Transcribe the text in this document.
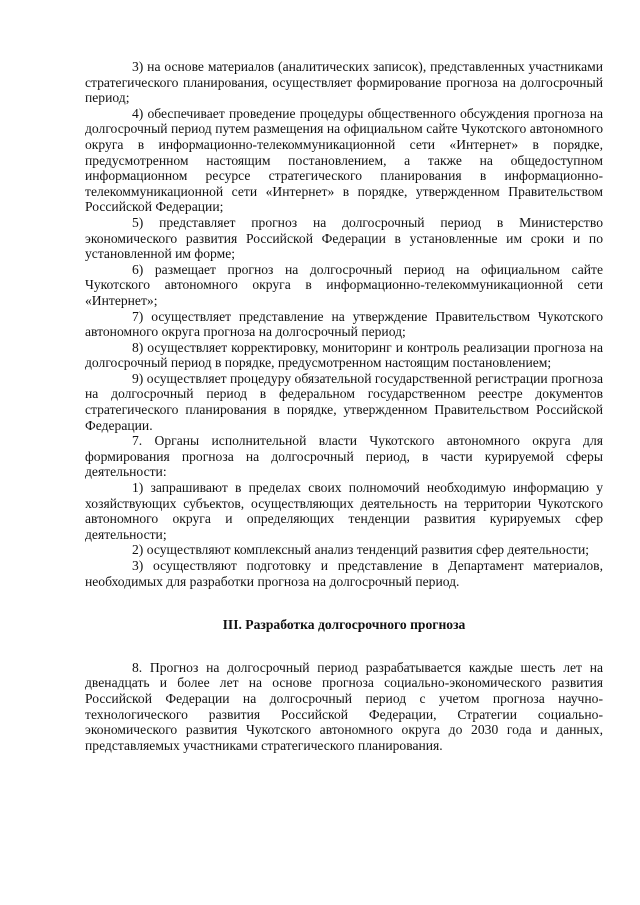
3) на основе материалов (аналитических записок), представленных участниками стратегического планирования, осуществляет формирование прогноза на долгосрочный период;

4) обеспечивает проведение процедуры общественного обсуждения прогноза на долгосрочный период путем размещения на официальном сайте Чукотского автономного округа в информационно-телекоммуникационной сети «Интернет» в порядке, предусмотренном настоящим постановлением, а также на общедоступном информационном ресурсе стратегического планирования в информационно-телекоммуникационной сети «Интернет» в порядке, утвержденном Правительством Российской Федерации;

5) представляет прогноз на долгосрочный период в Министерство экономического развития Российской Федерации в установленные им сроки и по установленной им форме;

6) размещает прогноз на долгосрочный период на официальном сайте Чукотского автономного округа в информационно-телекоммуникационной сети «Интернет»;

7) осуществляет представление на утверждение Правительством Чукотского автономного округа прогноза на долгосрочный период;

8) осуществляет корректировку, мониторинг и контроль реализации прогноза на долгосрочный период в порядке, предусмотренном настоящим постановлением;

9) осуществляет процедуру обязательной государственной регистрации прогноза на долгосрочный период в федеральном государственном реестре документов стратегического планирования в порядке, утвержденном Правительством Российской Федерации.

7. Органы исполнительной власти Чукотского автономного округа для формирования прогноза на долгосрочный период, в части курируемой сферы деятельности:

1) запрашивают в пределах своих полномочий необходимую информацию у хозяйствующих субъектов, осуществляющих деятельность на территории Чукотского автономного округа и определяющих тенденции развития курируемых сфер деятельности;

2) осуществляют комплексный анализ тенденций развития сфер деятельности;

3) осуществляют подготовку и представление в Департамент материалов, необходимых для разработки прогноза на долгосрочный период.

III. Разработка долгосрочного прогноза

8. Прогноз на долгосрочный период разрабатывается каждые шесть лет на двенадцать и более лет на основе прогноза социально-экономического развития Российской Федерации на долгосрочный период с учетом прогноза научно-технологического развития Российской Федерации, Стратегии социально-экономического развития Чукотского автономного округа до 2030 года и данных, представляемых участниками стратегического планирования.
